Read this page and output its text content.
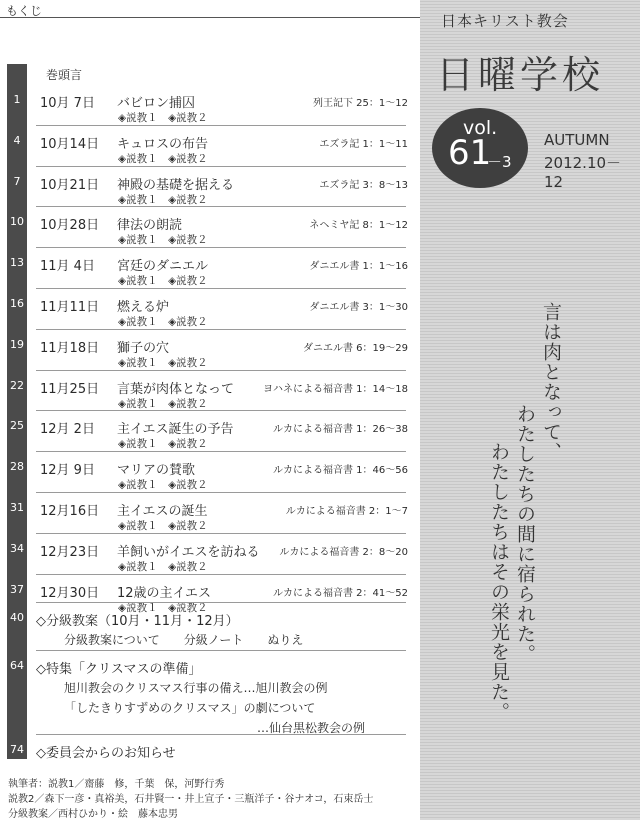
もくじ
巻頭言
1	10月 7日 バビロン捕囚	列王記下 25：1～12
◈説教１　◈説教２
4	10月14日 キュロスの布告	エズラ記 1：1～11
◈説教１　◈説教２
7	10月21日 神殿の基礎を据える	エズラ記 3：8～13
◈説教１　◈説教２
10 10月28日 律法の朗読	ネヘミヤ記 8：1～12
◈説教１　◈説教２
13 11月 4日 宮廷のダニエル	ダニエル書 1：1～16
◈説教１　◈説教２
16 11月11日 燃える炉	ダニエル書 3：1～30
◈説教１　◈説教２
19 11月18日 獅子の穴	ダニエル書 6：19～29
◈説教１　◈説教２
22 11月25日 言葉が肉体となって	ヨハネによる福音書 1：14～18
◈説教１　◈説教２
25 12月 2日 主イエス誕生の予告	ルカによる福音書 1：26～38
◈説教１　◈説教２
28 12月 9日 マリアの賛歌	ルカによる福音書 1：46～56
◈説教１　◈説教２
31 12月16日 主イエスの誕生	ルカによる福音書 2：1～7
◈説教１　◈説教２
34 12月23日 羊飼いがイエスを訪ねる ルカによる福音書 2：8～20
◈説教１　◈説教２
37 12月30日 12歳の主イエス	ルカによる福音書 2：41～52
◈説教１　◈説教２
40 ◇分級教案（10月・11月・12月）
分級教案について　　分級ノート　　ぬりえ
64 ◇特集「クリスマスの準備」
旭川教会のクリスマス行事の備え…旭川教会の例
「したきりすずめのクリスマス」の劇について
…仙台黒松教会の例
74 ◇委員会からのお知らせ
執筆者：説教1／齋藤　修，千葉　保，河野行秀
説教2／森下一彦・真裕美，石井賢一・井上宣子・三瓶洋子・谷ナオコ，石束岳士
分級教案／西村ひかり・絵　藤本忠男
日本キリスト教会
日曜学校
vol.
61
－3
AUTUMN
2012.10－12
言は肉となって、
わたしたちの間に宿られた。
わたしたちはその栄光を見た。
